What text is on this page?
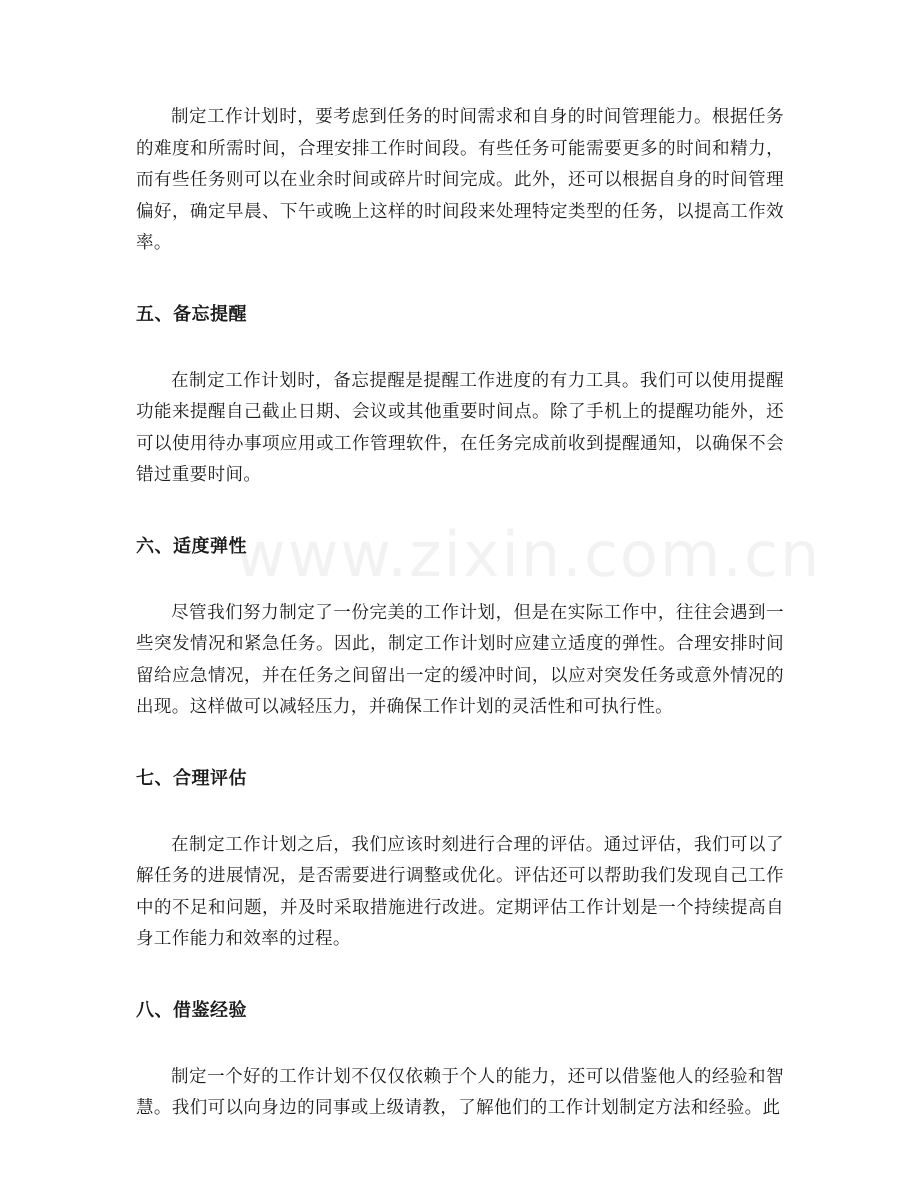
制定工作计划时，要考虑到任务的时间需求和自身的时间管理能力。根据任务的难度和所需时间，合理安排工作时间段。有些任务可能需要更多的时间和精力，而有些任务则可以在业余时间或碎片时间完成。此外，还可以根据自身的时间管理偏好，确定早晨、下午或晚上这样的时间段来处理特定类型的任务，以提高工作效率。

五、备忘提醒

在制定工作计划时，备忘提醒是提醒工作进度的有力工具。我们可以使用提醒功能来提醒自己截止日期、会议或其他重要时间点。除了手机上的提醒功能外，还可以使用待办事项应用或工作管理软件，在任务完成前收到提醒通知，以确保不会错过重要时间。

六、适度弹性

尽管我们努力制定了一份完美的工作计划，但是在实际工作中，往往会遇到一些突发情况和紧急任务。因此，制定工作计划时应建立适度的弹性。合理安排时间留给应急情况，并在任务之间留出一定的缓冲时间，以应对突发任务或意外情况的出现。这样做可以减轻压力，并确保工作计划的灵活性和可执行性。

七、合理评估

在制定工作计划之后，我们应该时刻进行合理的评估。通过评估，我们可以了解任务的进展情况，是否需要进行调整或优化。评估还可以帮助我们发现自己工作中的不足和问题，并及时采取措施进行改进。定期评估工作计划是一个持续提高自身工作能力和效率的过程。

八、借鉴经验

制定一个好的工作计划不仅仅依赖于个人的能力，还可以借鉴他人的经验和智慧。我们可以向身边的同事或上级请教，了解他们的工作计划制定方法和经验。此

www.zixin.com.cn
